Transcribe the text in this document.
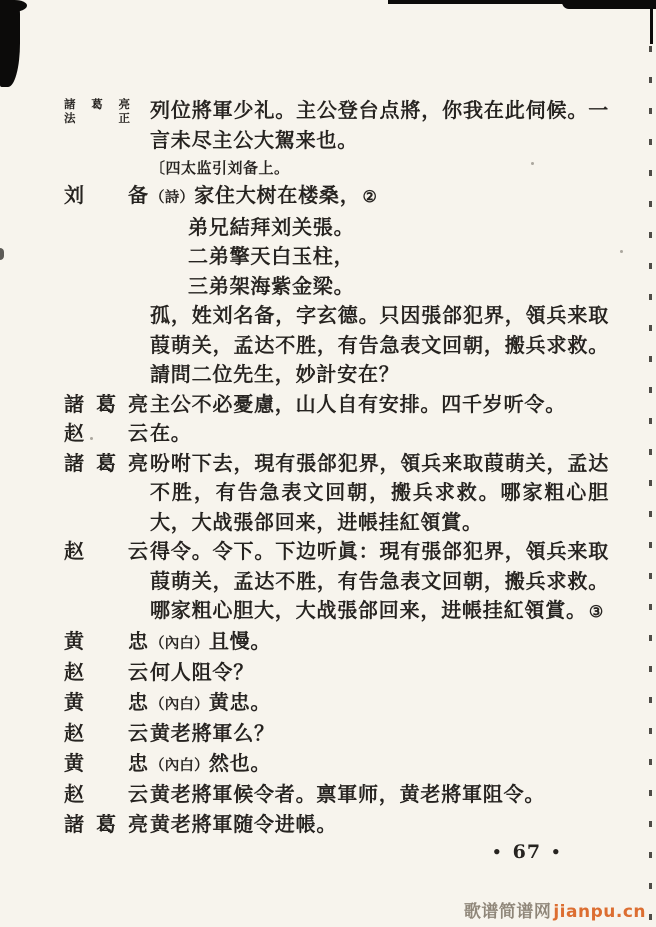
諸葛亮
法　正 列位將軍少礼。主公登台点將，你我在此伺候。一言未尽主公大駕来也。
〔四太监引刘备上。
刘　备 （詩）家住大树在楼桑， ②
弟兄結拜刘关張。
二弟擎天白玉柱，
三弟架海紫金梁。
孤，姓刘名备，字玄德。只因張郃犯界，領兵来取葭萌关，孟达不胜，有告急表文回朝，搬兵求救。請問二位先生，妙計安在？
諸葛亮 主公不必憂慮，山人自有安排。四千岁听令。
赵　云 在。
諸葛亮 吩咐下去，現有張郃犯界，領兵来取葭萌关，孟达不胜，有告急表文回朝，搬兵求救。哪家粗心胆大，大战張郃回来，进帳挂紅領賞。
赵　云 得令。令下。下边听眞：現有張郃犯界，領兵来取葭萌关，孟达不胜，有告急表文回朝，搬兵求救。哪家粗心胆大，大战張郃回来，进帳挂紅領賞。 ③
黄　忠 （內白）且慢。
赵　云 何人阻令？
黄　忠 （內白）黄忠。
赵　云 黄老將軍么？
黄　忠 （內白）然也。
赵　云 黄老將軍候令者。禀軍师，黄老將軍阻令。
諸葛亮 黄老將軍随令进帳。
• 67 •
歌谱简谱网 jianpu.cn
